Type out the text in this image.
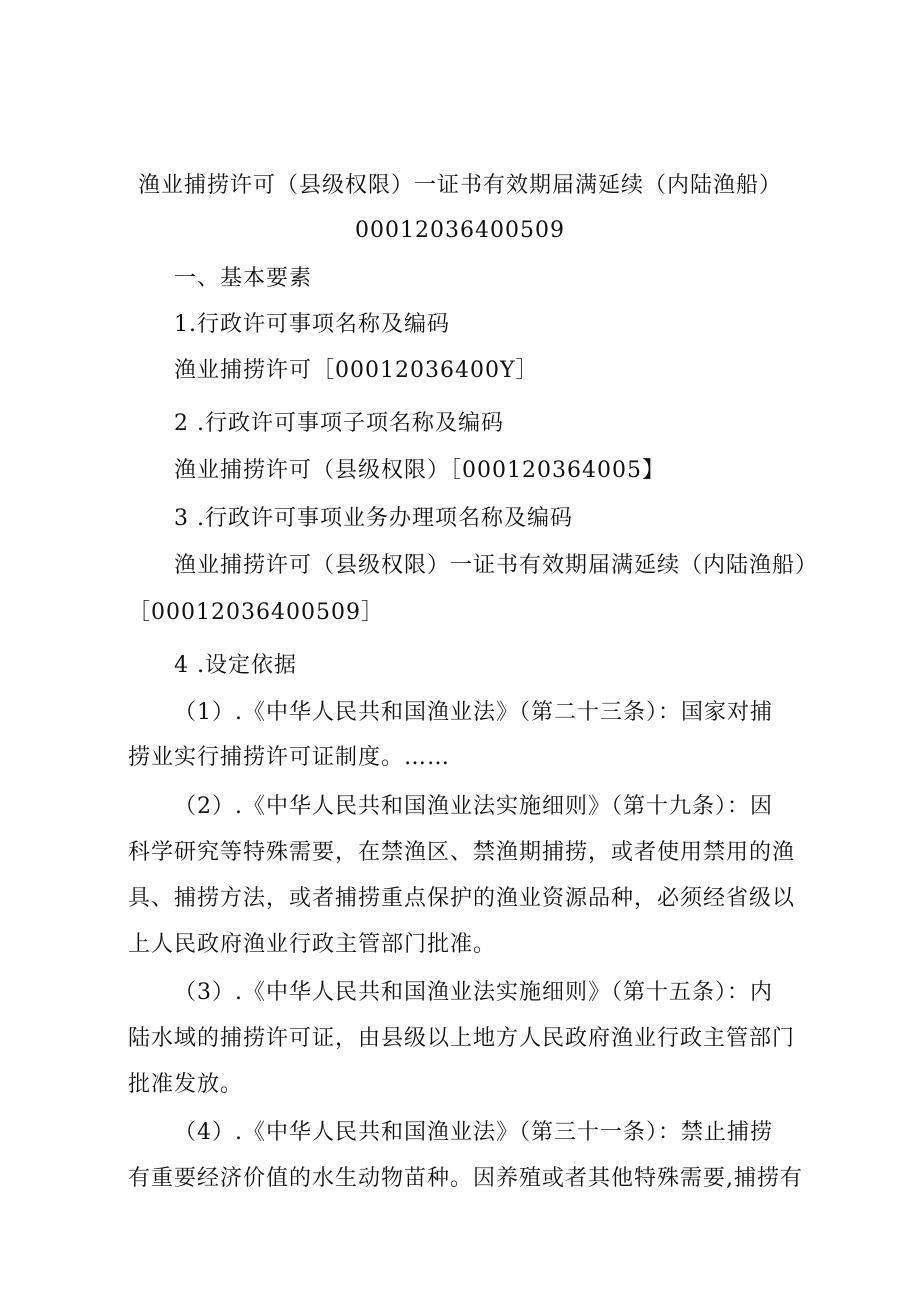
渔业捕捞许可（县级权限）一证书有效期届满延续（内陆渔船）
00012036400509
一、基本要素
1.行政许可事项名称及编码
渔业捕捞许可［00012036400Y］
2 .行政许可事项子项名称及编码
渔业捕捞许可（县级权限）［000120364005】
3 .行政许可事项业务办理项名称及编码
渔业捕捞许可（县级权限）一证书有效期届满延续（内陆渔船）
［00012036400509］
4 .设定依据
（1）.《中华人民共和国渔业法》（第二十三条）：国家对捕
捞业实行捕捞许可证制度。……
（2）.《中华人民共和国渔业法实施细则》（第十九条）：因
科学研究等特殊需要，在禁渔区、禁渔期捕捞，或者使用禁用的渔
具、捕捞方法，或者捕捞重点保护的渔业资源品种，必须经省级以
上人民政府渔业行政主管部门批准。
（3）.《中华人民共和国渔业法实施细则》（第十五条）：内
陆水域的捕捞许可证，由县级以上地方人民政府渔业行政主管部门
批准发放。
（4）.《中华人民共和国渔业法》（第三十一条）：禁止捕捞
有重要经济价值的水生动物苗种。因养殖或者其他特殊需要,捕捞有
